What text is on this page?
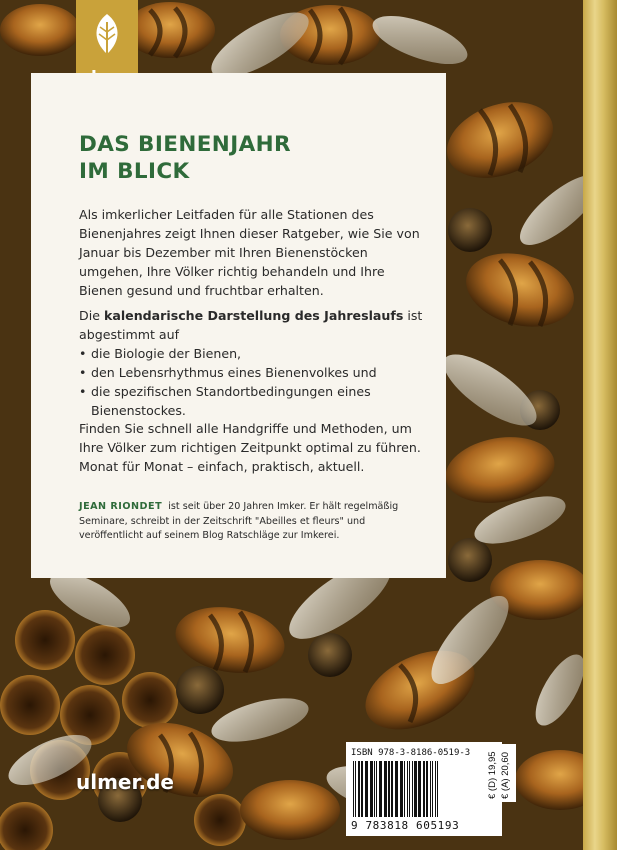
DAS BIENENJAHR
IM BLICK

Als imkerlicher Leitfaden für alle Stationen des Bienenjahres zeigt Ihnen dieser Ratgeber, wie Sie von Januar bis Dezember mit Ihren Bienenstöcken umgehen, Ihre Völker richtig behandeln und Ihre Bienen gesund und fruchtbar erhalten.

Die kalendarische Darstellung des Jahreslaufs ist abgestimmt auf
• die Biologie der Bienen,
• den Lebensrhythmus eines Bienenvolkes und
• die spezifischen Standortbedingungen eines Bienenstockes.
Finden Sie schnell alle Handgriffe und Methoden, um Ihre Völker zum richtigen Zeitpunkt optimal zu führen.
Monat für Monat – einfach, praktisch, aktuell.

JEAN RIONDET ist seit über 20 Jahren Imker. Er hält regelmäßig Seminare, schreibt in der Zeitschrift "Abeilles et fleurs" und veröffentlicht auf seinem Blog Ratschläge zur Imkerei.

ulmer.de
ISBN 978-3-8186-0519-3
9 783818 605193
€ (D) 19,95 € (A) 20,60
